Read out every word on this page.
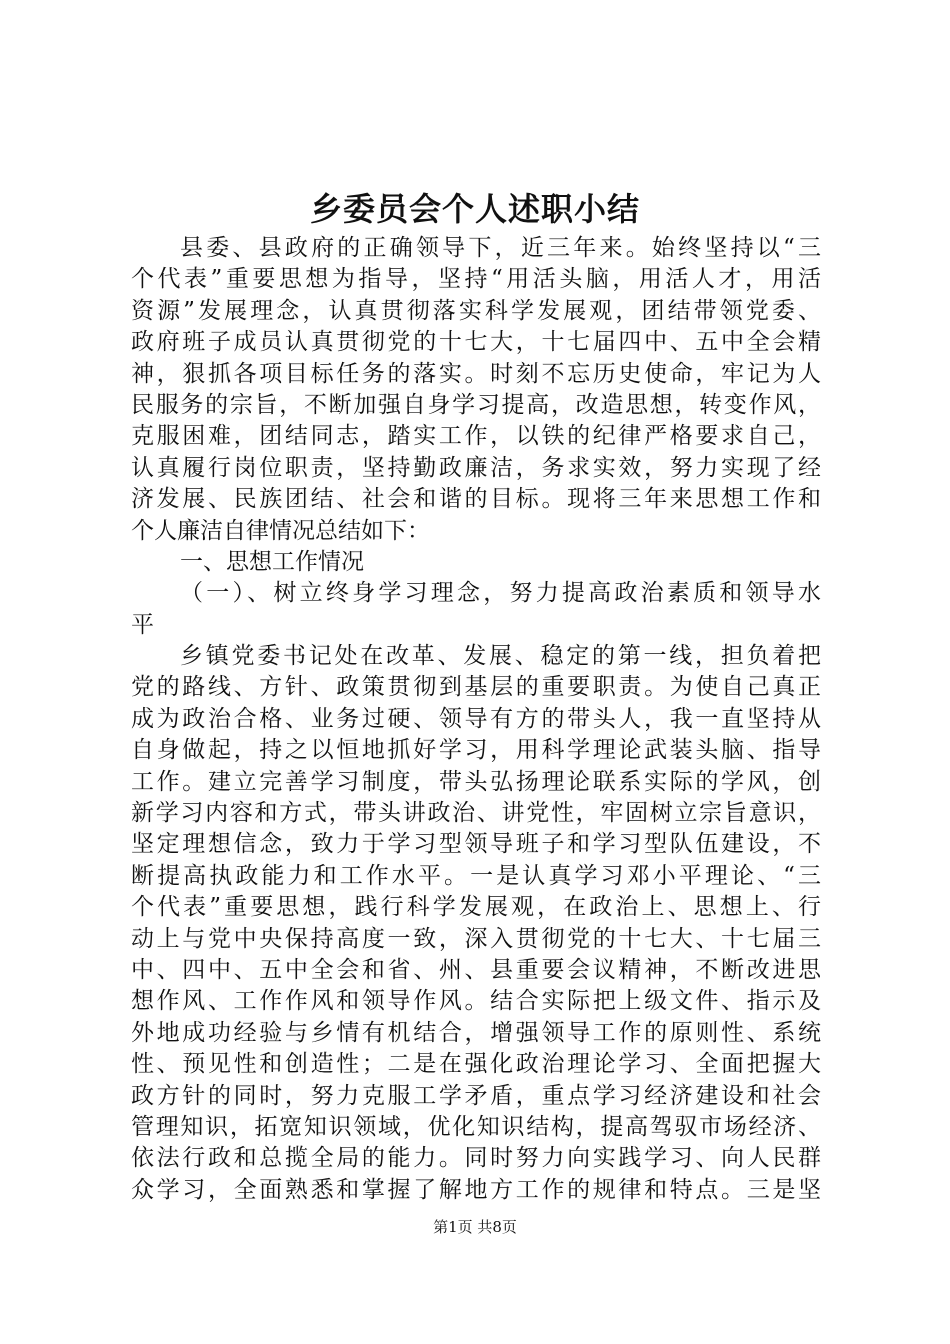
乡委员会个人述职小结
县委、县政府的正确领导下，近三年来。始终坚持以“三
个代表”重要思想为指导，坚持“用活头脑，用活人才，用活
资源”发展理念，认真贯彻落实科学发展观，团结带领党委、
政府班子成员认真贯彻党的十七大，十七届四中、五中全会精
神，狠抓各项目标任务的落实。时刻不忘历史使命，牢记为人
民服务的宗旨，不断加强自身学习提高，改造思想，转变作风，
克服困难，团结同志，踏实工作，以铁的纪律严格要求自己，
认真履行岗位职责，坚持勤政廉洁，务求实效，努力实现了经
济发展、民族团结、社会和谐的目标。现将三年来思想工作和
个人廉洁自律情况总结如下：
一、思想工作情况
（一）、树立终身学习理念，努力提高政治素质和领导水
平
乡镇党委书记处在改革、发展、稳定的第一线，担负着把
党的路线、方针、政策贯彻到基层的重要职责。为使自己真正
成为政治合格、业务过硬、领导有方的带头人，我一直坚持从
自身做起，持之以恒地抓好学习，用科学理论武装头脑、指导
工作。建立完善学习制度，带头弘扬理论联系实际的学风，创
新学习内容和方式，带头讲政治、讲党性，牢固树立宗旨意识，
坚定理想信念，致力于学习型领导班子和学习型队伍建设，不
断提高执政能力和工作水平。一是认真学习邓小平理论、“三
个代表”重要思想，践行科学发展观，在政治上、思想上、行
动上与党中央保持高度一致，深入贯彻党的十七大、十七届三
中、四中、五中全会和省、州、县重要会议精神，不断改进思
想作风、工作作风和领导作风。结合实际把上级文件、指示及
外地成功经验与乡情有机结合，增强领导工作的原则性、系统
性、预见性和创造性；二是在强化政治理论学习、全面把握大
政方针的同时，努力克服工学矛盾，重点学习经济建设和社会
管理知识，拓宽知识领域，优化知识结构，提高驾驭市场经济、
依法行政和总揽全局的能力。同时努力向实践学习、向人民群
众学习，全面熟悉和掌握了解地方工作的规律和特点。三是坚
第1页 共8页
